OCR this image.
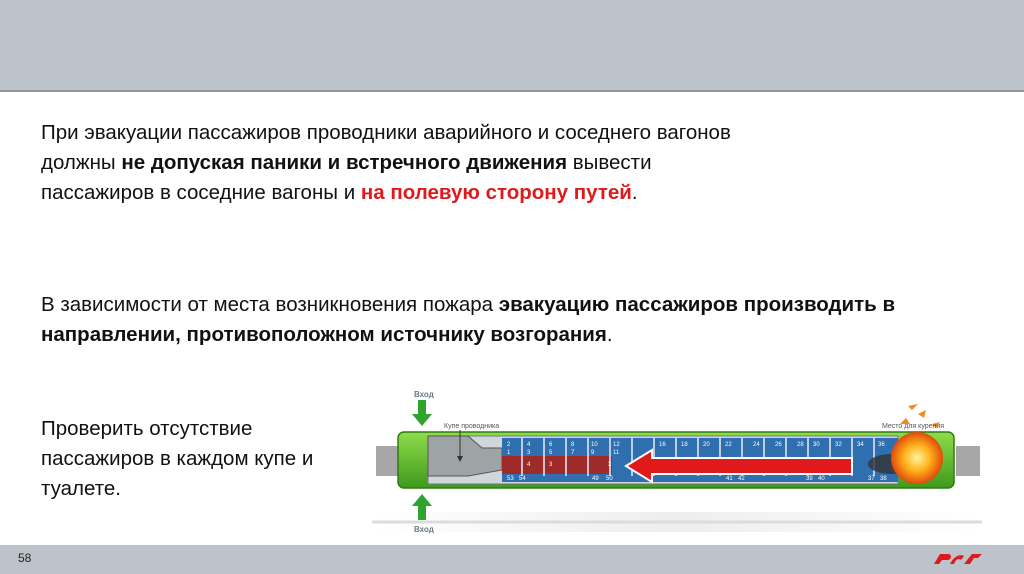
При эвакуации пассажиров проводники аварийного и соседнего вагонов должны не допуская паники и встречного движения вывести пассажиров в соседние вагоны и на полевую сторону путей.

В зависимости от места возникновения пожара эвакуацию пассажиров производить в направлении, противоположном источнику возгорания.

Проверить отсутствие пассажиров в каждом купе и туалете.

2	4	6	8	10	12	16	18	20	22	24	26	28 30	32	34 36
1	3	5	7	9	11
4	3	3
53 54	49 50	41 42	39 40	37 38
Вход
Вход
Купе проводника	Место для курения
58
